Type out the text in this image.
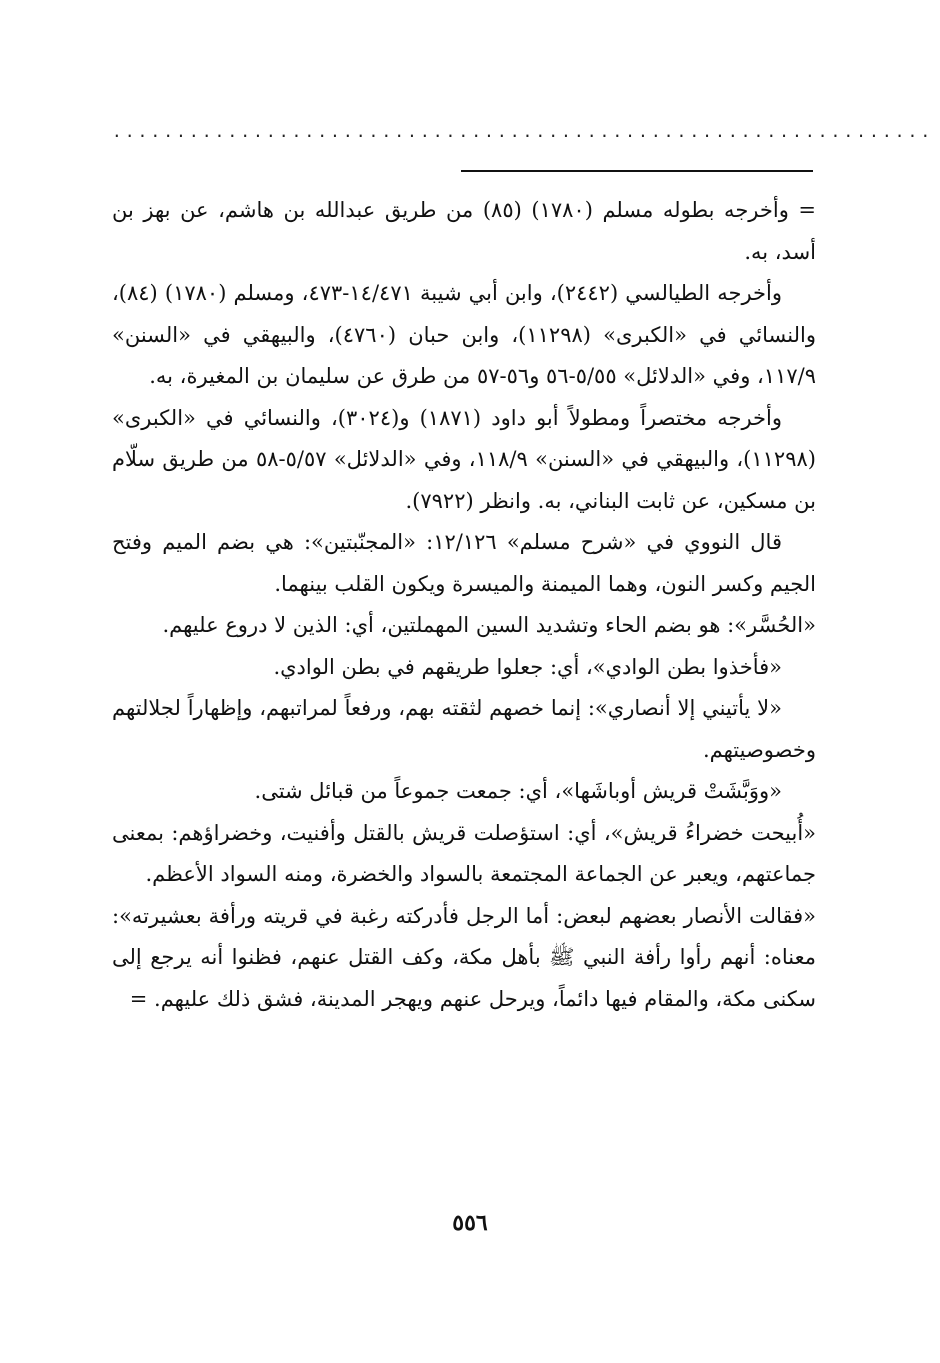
................................................................

= وأخرجه بطوله مسلم (١٧٨٠) (٨٥) من طريق عبدالله بن هاشم، عن بهز بن أسد، به.

وأخرجه الطيالسي (٢٤٤٢)، وابن أبي شيبة ١٤/٤٧١-٤٧٣، ومسلم (١٧٨٠) (٨٤)، والنسائي في «الكبرى» (١١٢٩٨)، وابن حبان (٤٧٦٠)، والبيهقي في «السنن» ١١٧/٩، وفي «الدلائل» ٥/٥٥-٥٦ و٥٦-٥٧ من طرق عن سليمان بن المغيرة، به.

وأخرجه مختصراً ومطولاً أبو داود (١٨٧١) و(٣٠٢٤)، والنسائي في «الكبرى» (١١٢٩٨)، والبيهقي في «السنن» ١١٨/٩، وفي «الدلائل» ٥/٥٧-٥٨ من طريق سلّام بن مسكين، عن ثابت البناني، به. وانظر (٧٩٢٢).

قال النووي في «شرح مسلم» ١٢/١٢٦: «المجنّبتين»: هي بضم الميم وفتح الجيم وكسر النون، وهما الميمنة والميسرة ويكون القلب بينهما.

«الحُسَّر»: هو بضم الحاء وتشديد السين المهملتين، أي: الذين لا دروع عليهم.

«فأخذوا بطن الوادي»، أي: جعلوا طريقهم في بطن الوادي.

«لا يأتيني إلا أنصاري»: إنما خصهم لثقته بهم، ورفعاً لمراتبهم، وإظهاراً لجلالتهم وخصوصيتهم.

«ووَبَّشَتْ قريش أوباشَها»، أي: جمعت جموعاً من قبائل شتى.

«أُبيحت خضراءُ قريش»، أي: استؤصلت قريش بالقتل وأفنيت، وخضراؤهم: بمعنى جماعتهم، ويعبر عن الجماعة المجتمعة بالسواد والخضرة، ومنه السواد الأعظم.

«فقالت الأنصار بعضهم لبعض: أما الرجل فأدركته رغبة في قريته ورأفة بعشيرته»: معناه: أنهم رأوا رأفة النبي ﷺ بأهل مكة، وكف القتل عنهم، فظنوا أنه يرجع إلى سكنى مكة، والمقام فيها دائماً، ويرحل عنهم ويهجر المدينة، فشق ذلك عليهم. =

٥٥٦
